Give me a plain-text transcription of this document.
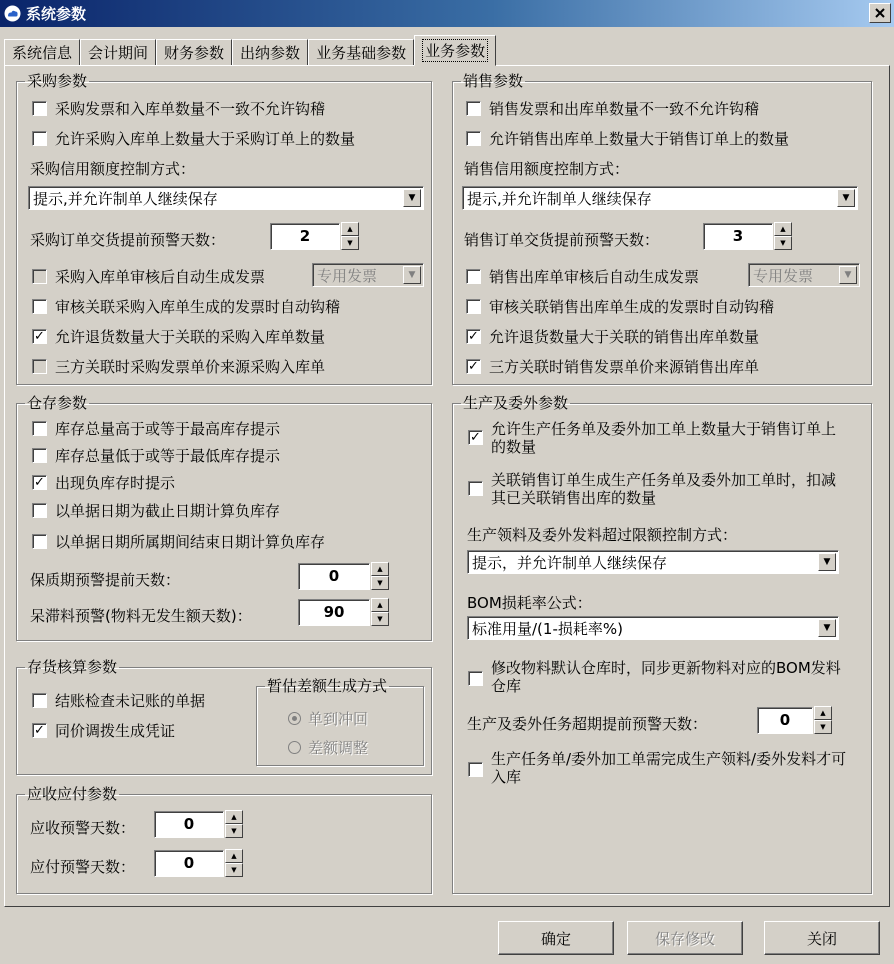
系统参数
系统信息 会计期间 财务参数 出纳参数 业务基础参数 业务参数
采购参数
采购发票和入库单数量不一致不允许钩稽
允许采购入库单上数量大于采购订单上的数量
采购信用额度控制方式：
提示,并允许制单人继续保存	▼
采购订单交货提前预警天数：	2	▲
▼
采购入库单审核后自动生成发票	专用发票	▼
审核关联采购入库单生成的发票时自动钩稽
✓ 允许退货数量大于关联的采购入库单数量
三方关联时采购发票单价来源采购入库单
销售参数
销售发票和出库单数量不一致不允许钩稽
允许销售出库单上数量大于销售订单上的数量
销售信用额度控制方式：
提示,并允许制单人继续保存	▼
销售订单交货提前预警天数：	3	▲
▼
销售出库单审核后自动生成发票	专用发票	▼
审核关联销售出库单生成的发票时自动钩稽
✓ 允许退货数量大于关联的销售出库单数量
✓ 三方关联时销售发票单价来源销售出库单
仓存参数
库存总量高于或等于最高库存提示
库存总量低于或等于最低库存提示
✓ 出现负库存时提示
以单据日期为截止日期计算负库存
以单据日期所属期间结束日期计算负库存
保质期预警提前天数：	0	▲
▼
呆滞料预警(物料无发生额天数)：	90	▲
▼
存货核算参数
结账检查未记账的单据
✓ 同价调拨生成凭证
暂估差额生成方式
单到冲回
差额调整
应收应付参数
应收预警天数：	0	▲
▼
应付预警天数：	0	▲
▼
生产及委外参数
✓ 允许生产任务单及委外加工单上数量大于销售订单上的数量
关联销售订单生成生产任务单及委外加工单时，扣减其已关联销售出库的数量
生产领料及委外发料超过限额控制方式：
提示，并允许制单人继续保存	▼
BOM损耗率公式：
标准用量/(1-损耗率%)	▼
修改物料默认仓库时，同步更新物料对应的BOM发料仓库
生产及委外任务超期提前预警天数：	0	▲
▼
生产任务单/委外加工单需完成生产领料/委外发料才可入库
确定	保存修改	关闭
